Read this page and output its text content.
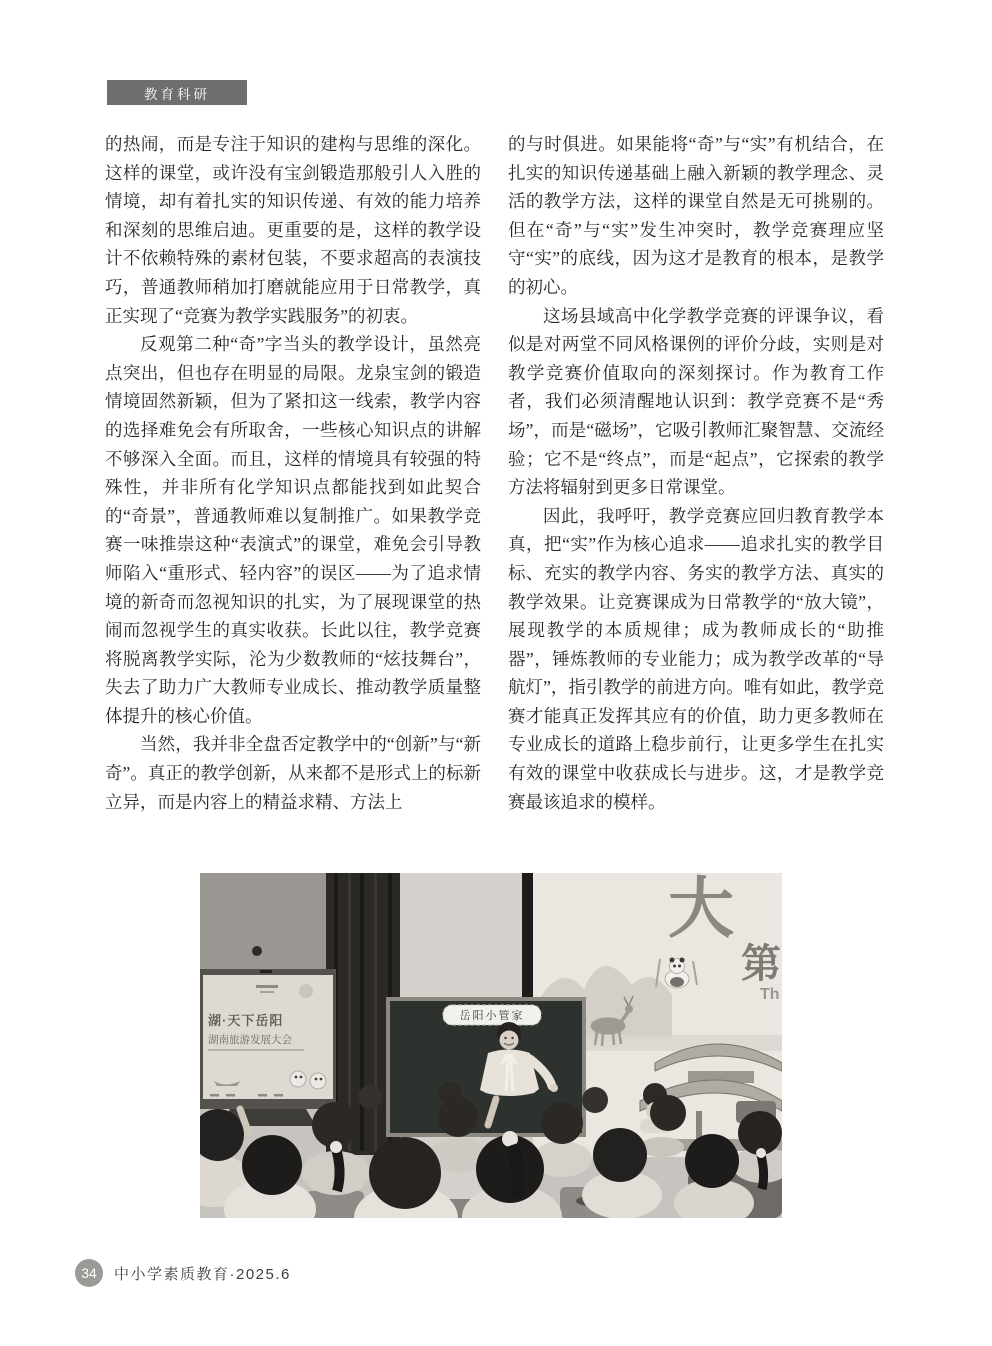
教育科研

的热闹，而是专注于知识的建构与思维的深化。这样的课堂，或许没有宝剑锻造那般引人入胜的情境，却有着扎实的知识传递、有效的能力培养和深刻的思维启迪。更重要的是，这样的教学设计不依赖特殊的素材包装，不要求超高的表演技巧，普通教师稍加打磨就能应用于日常教学，真正实现了“竞赛为教学实践服务”的初衷。

反观第二种“奇”字当头的教学设计，虽然亮点突出，但也存在明显的局限。龙泉宝剑的锻造情境固然新颖，但为了紧扣这一线索，教学内容的选择难免会有所取舍，一些核心知识点的讲解不够深入全面。而且，这样的情境具有较强的特殊性，并非所有化学知识点都能找到如此契合的“奇景”，普通教师难以复制推广。如果教学竞赛一味推崇这种“表演式”的课堂，难免会引导教师陷入“重形式、轻内容”的误区——为了追求情境的新奇而忽视知识的扎实，为了展现课堂的热闹而忽视学生的真实收获。长此以往，教学竞赛将脱离教学实际，沦为少数教师的“炫技舞台”，失去了助力广大教师专业成长、推动教学质量整体提升的核心价值。

当然，我并非全盘否定教学中的“创新”与“新奇”。真正的教学创新，从来都不是形式上的标新立异，而是内容上的精益求精、方法上

的与时俱进。如果能将“奇”与“实”有机结合，在扎实的知识传递基础上融入新颖的教学理念、灵活的教学方法，这样的课堂自然是无可挑剔的。但在“奇”与“实”发生冲突时，教学竞赛理应坚守“实”的底线，因为这才是教育的根本，是教学的初心。

这场县域高中化学教学竞赛的评课争议，看似是对两堂不同风格课例的评价分歧，实则是对教学竞赛价值取向的深刻探讨。作为教育工作者，我们必须清醒地认识到：教学竞赛不是“秀场”，而是“磁场”，它吸引教师汇聚智慧、交流经验；它不是“终点”，而是“起点”，它探索的教学方法将辐射到更多日常课堂。

因此，我呼吁，教学竞赛应回归教育教学本真，把“实”作为核心追求——追求扎实的教学目标、充实的教学内容、务实的教学方法、真实的教学效果。让竞赛课成为日常教学的“放大镜”，展现教学的本质规律；成为教师成长的“助推器”，锤炼教师的专业能力；成为教学改革的“导航灯”，指引教学的前进方向。唯有如此，教学竞赛才能真正发挥其应有的价值，助力更多教师在专业成长的道路上稳步前行，让更多学生在扎实有效的课堂中收获成长与进步。这，才是教学竞赛最该追求的模样。

大
第
Th
湖·天下岳阳
湖南旅游发展大会
岳阳小管家
34	中小学素质教育·2025.6
